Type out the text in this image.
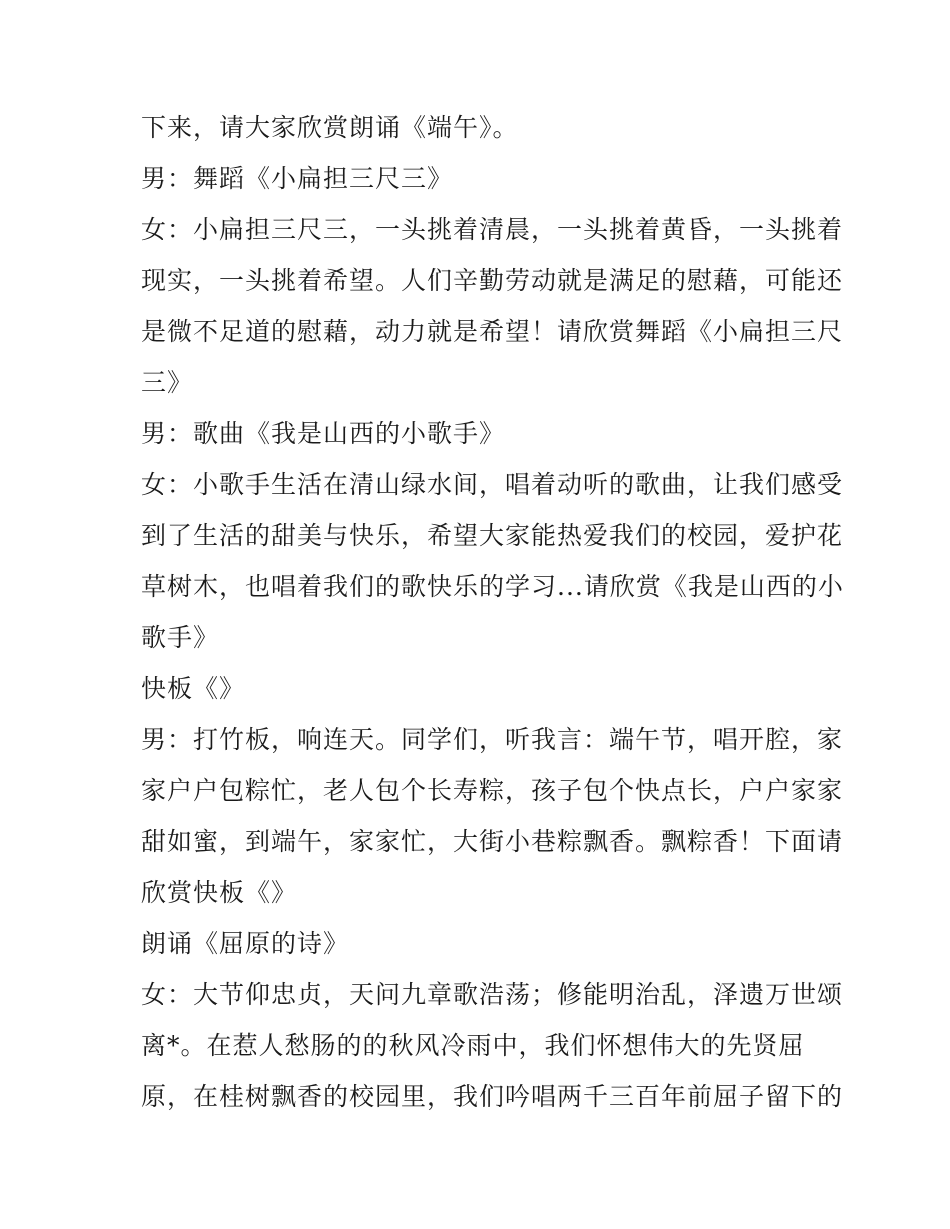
下来，请大家欣赏朗诵《端午》。

男：舞蹈《小扁担三尺三》

女：小扁担三尺三，一头挑着清晨，一头挑着黄昏，一头挑着

现实，一头挑着希望。人们辛勤劳动就是满足的慰藉，可能还

是微不足道的慰藉，动力就是希望！请欣赏舞蹈《小扁担三尺

三》

男：歌曲《我是山西的小歌手》

女：小歌手生活在清山绿水间，唱着动听的歌曲，让我们感受

到了生活的甜美与快乐，希望大家能热爱我们的校园，爱护花

草树木，也唱着我们的歌快乐的学习...请欣赏《我是山西的小

歌手》

快板《》

男：打竹板，响连天。同学们，听我言：端午节，唱开腔，家

家户户包粽忙，老人包个长寿粽，孩子包个快点长，户户家家

甜如蜜，到端午，家家忙，大街小巷粽飘香。飘粽香！下面请

欣赏快板《》

朗诵《屈原的诗》

女：大节仰忠贞，天问九章歌浩荡；修能明治乱，泽遗万世颂

离*。在惹人愁肠的的秋风冷雨中，我们怀想伟大的先贤屈

原，在桂树飘香的校园里，我们吟唱两千三百年前屈子留下的
